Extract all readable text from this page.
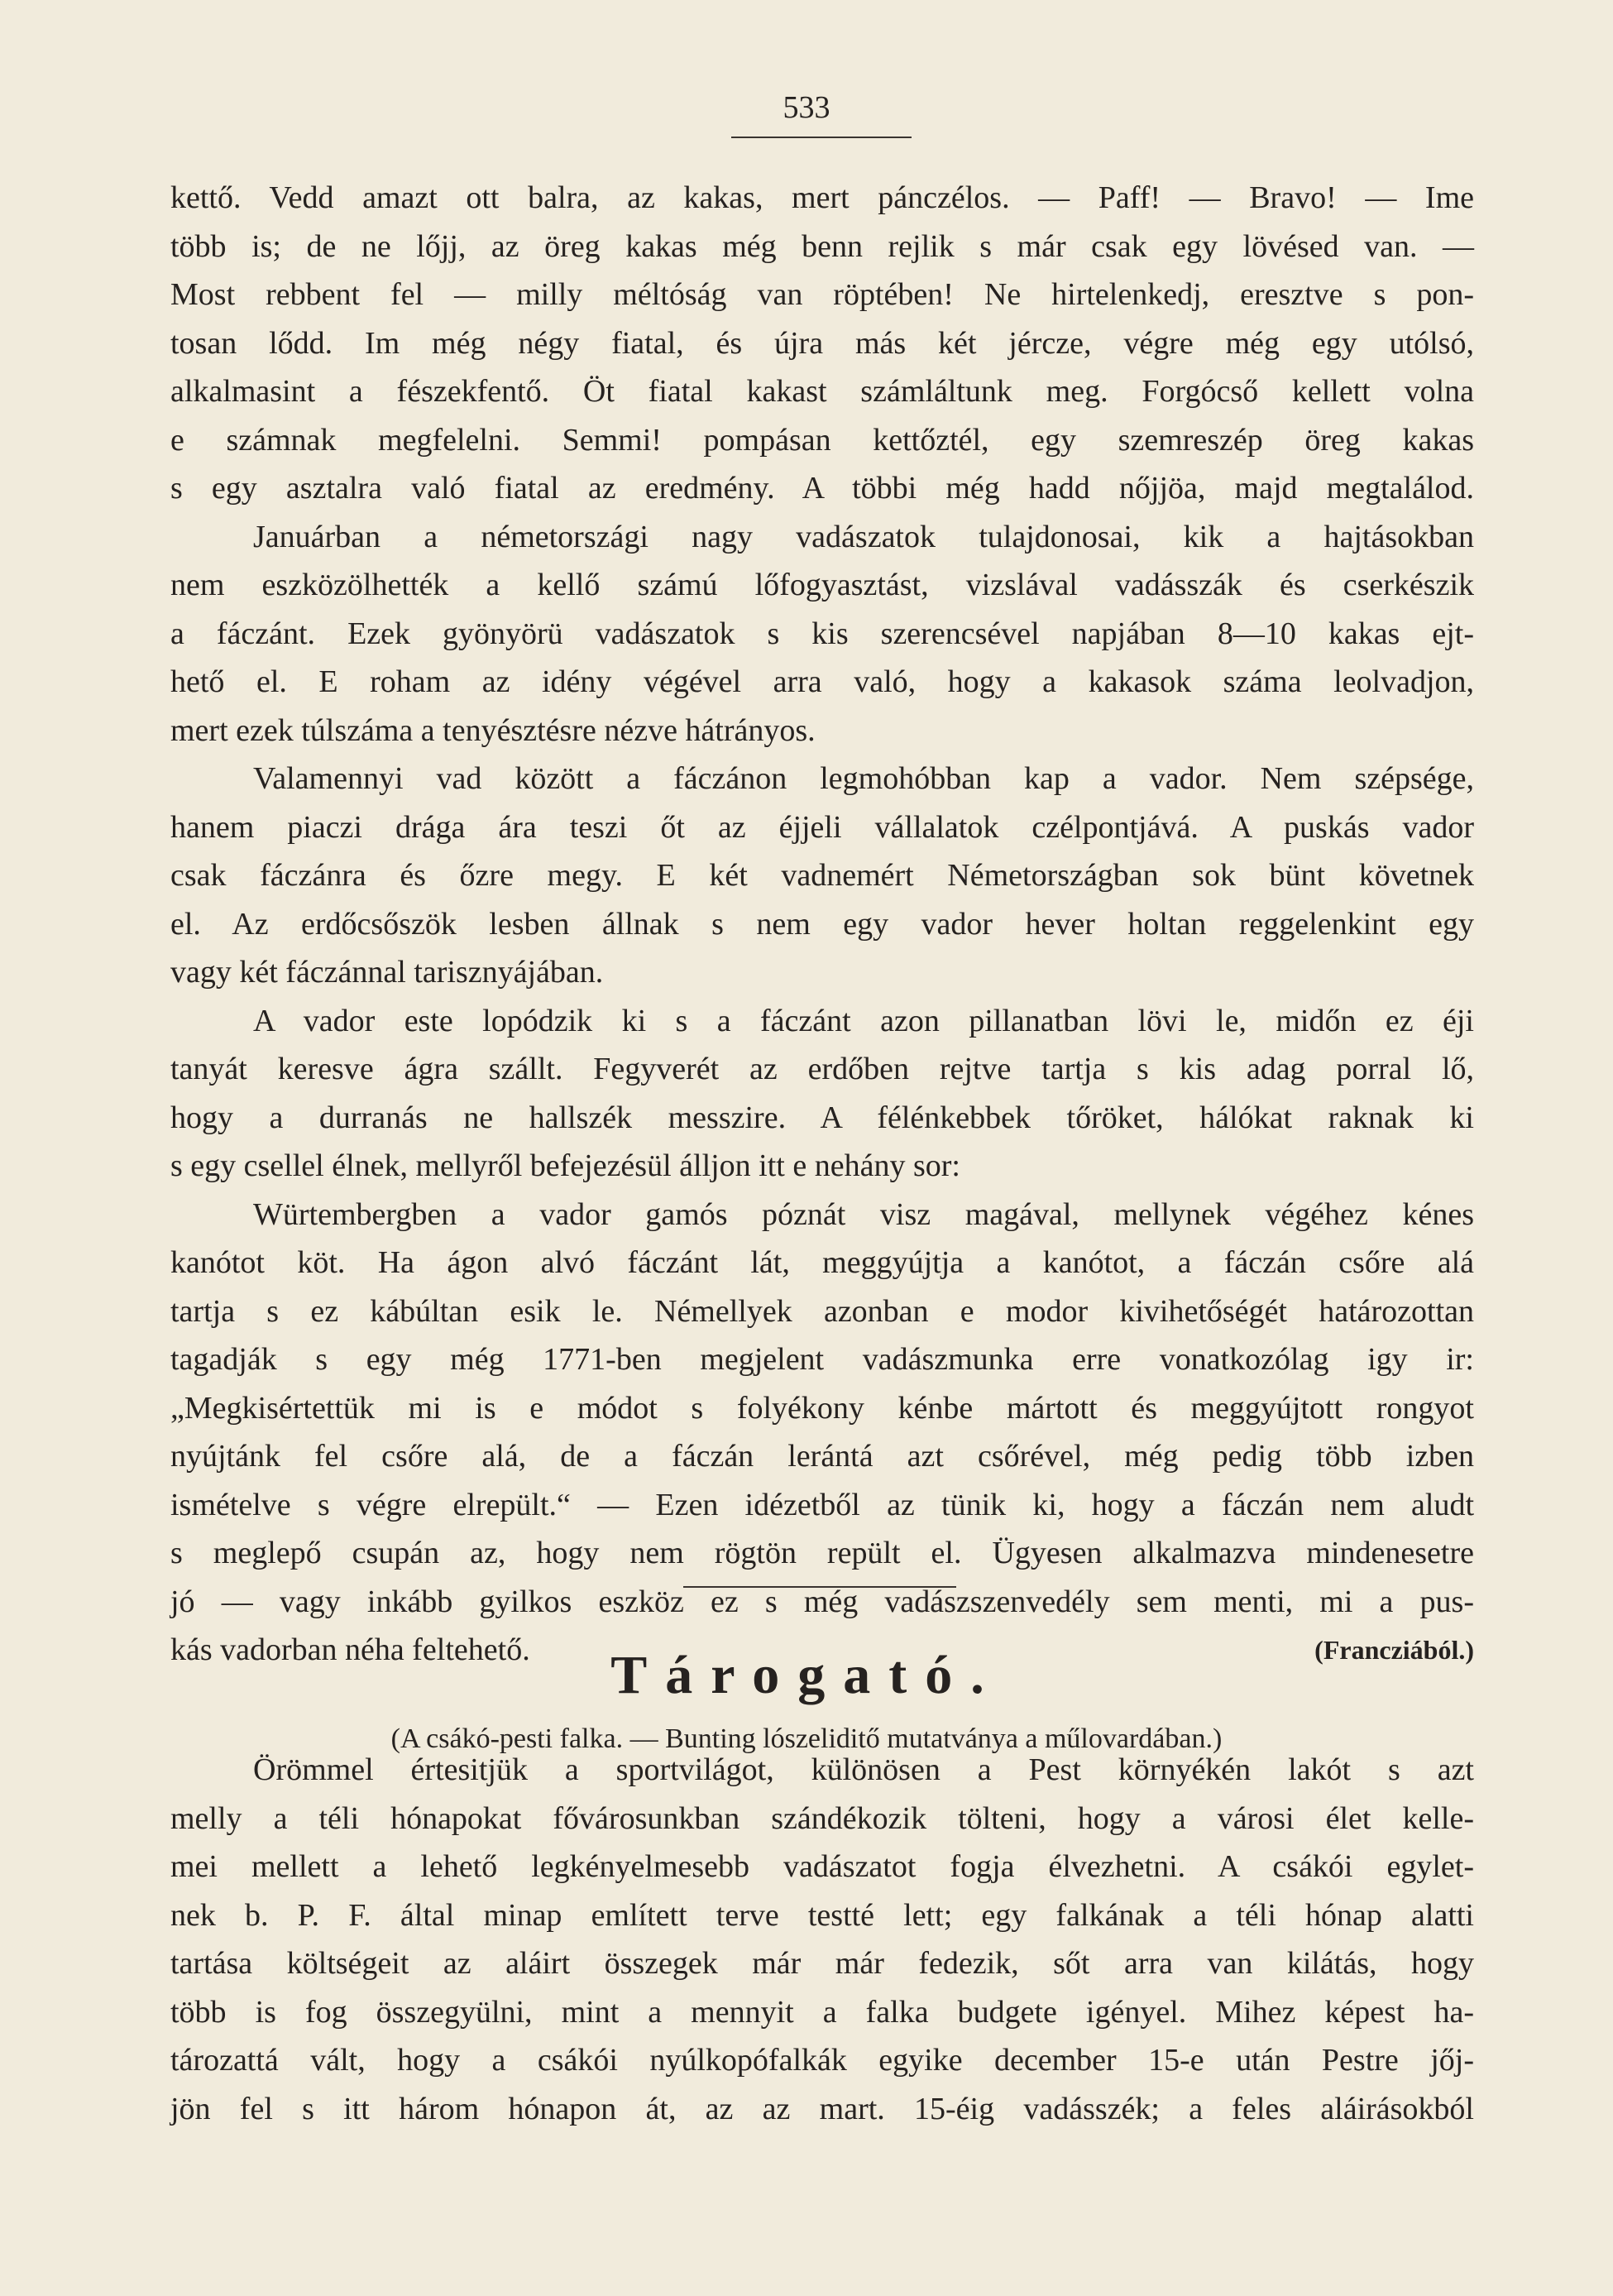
533
kettő. Vedd amazt ott balra, az kakas, mert pánczélos. — Paff! — Bravo! — Ime
több is; de ne lőjj, az öreg kakas még benn rejlik s már csak egy lövésed van. —
Most rebbent fel — milly méltóság van röptében! Ne hirtelenkedj, eresztve s pon-
tosan lődd. Im még négy fiatal, és újra más két jércze, végre még egy utólsó,
alkalmasint a fészekfentő. Öt fiatal kakast számláltunk meg. Forgócső kellett volna
e számnak megfelelni. Semmi! pompásan kettőztél, egy szemreszép öreg kakas
s egy asztalra való fiatal az eredmény. A többi még hadd nőjjöa, majd megtalálod.
Januárban a németországi nagy vadászatok tulajdonosai, kik a hajtásokban
nem eszközölhették a kellő számú lőfogyasztást, vizslával vadásszák és cserkészik
a fáczánt. Ezek gyönyörü vadászatok s kis szerencsével napjában 8—10 kakas ejt-
hető el. E roham az idény végével arra való, hogy a kakasok száma leolvadjon,
mert ezek túlszáma a tenyésztésre nézve hátrányos.
Valamennyi vad között a fáczánon legmohóbban kap a vador. Nem szépsége,
hanem piaczi drága ára teszi őt az éjjeli vállalatok czélpontjává. A puskás vador
csak fáczánra és őzre megy. E két vadnemért Németországban sok bünt követnek
el. Az erdőcsőszök lesben állnak s nem egy vador hever holtan reggelenkint egy
vagy két fáczánnal tarisznyájában.
A vador este lopódzik ki s a fáczánt azon pillanatban lövi le, midőn ez éji
tanyát keresve ágra szállt. Fegyverét az erdőben rejtve tartja s kis adag porral lő,
hogy a durranás ne hallszék messzire. A félénkebbek tőröket, hálókat raknak ki
s egy csellel élnek, mellyről befejezésül álljon itt e nehány sor:
Würtembergben a vador gamós póznát visz magával, mellynek végéhez kénes
kanótot köt. Ha ágon alvó fáczánt lát, meggyújtja a kanótot, a fáczán csőre alá
tartja s ez kábúltan esik le. Némellyek azonban e modor kivihetőségét határozottan
tagadják s egy még 1771-ben megjelent vadászmunka erre vonatkozólag igy ir:
„Megkisértettük mi is e módot s folyékony kénbe mártott és meggyújtott rongyot
nyújtánk fel csőre alá, de a fáczán lerántá azt csőrével, még pedig több izben
ismételve s végre elrepült.“ — Ezen idézetből az tünik ki, hogy a fáczán nem aludt
s meglepő csupán az, hogy nem rögtön repült el. Ügyesen alkalmazva mindenesetre
jó — vagy inkább gyilkos eszköz ez s még vadászszenvedély sem menti, mi a pus-
kás vadorban néha feltehető.	(Francziából.)
Tárogató.
(A csákó-pesti falka. — Bunting lószeliditő mutatványa a műlovardában.)
Örömmel értesitjük a sportvilágot, különösen a Pest környékén lakót s azt
melly a téli hónapokat fővárosunkban szándékozik tölteni, hogy a városi élet kelle-
mei mellett a lehető legkényelmesebb vadászatot fogja élvezhetni. A csákói egylet-
nek b. P. F. által minap említett terve testté lett; egy falkának a téli hónap alatti
tartása költségeit az aláirt összegek már már fedezik, sőt arra van kilátás, hogy
több is fog összegyülni, mint a mennyit a falka budgete igényel. Mihez képest ha-
tározattá vált, hogy a csákói nyúlkopófalkák egyike december 15-e után Pestre jőj-
jön fel s itt három hónapon át, az az mart. 15-éig vadásszék; a feles aláirásokból
